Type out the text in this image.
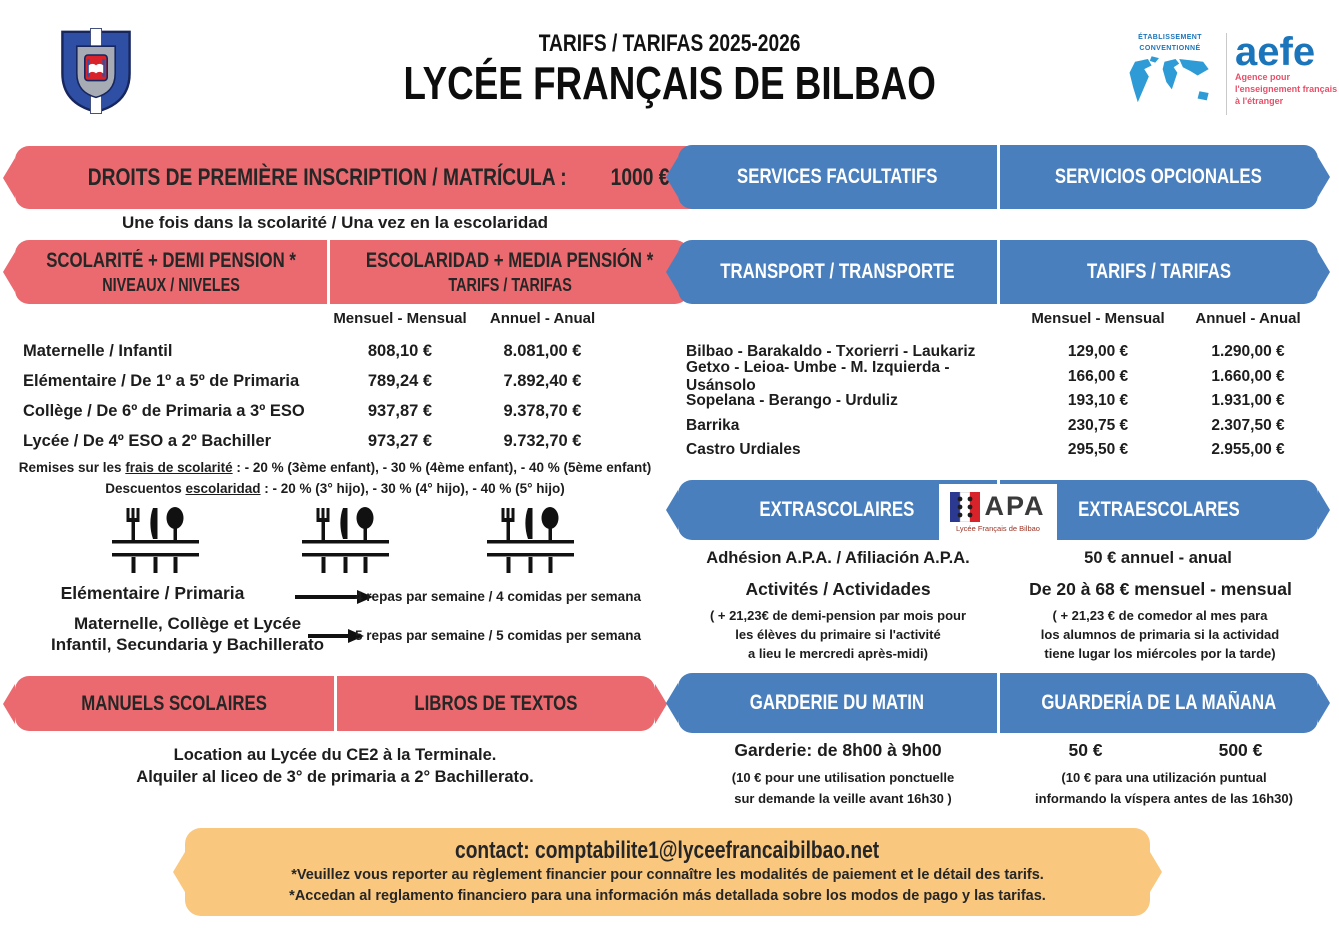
TARIFS / TARIFAS 2025-2026
LYCÉE FRANÇAIS DE BILBAO
ÉTABLISSEMENT CONVENTIONNÉ aefe
Agence pour
l'enseignement français
à l'étranger
DROITS DE PREMIÈRE INSCRIPTION / MATRÍCULA : 1000 €
Une fois dans la scolarité / Una vez en la escolaridad
SCOLARITÉ + DEMI PENSION *
NIVEAUX / NIVELES
ESCOLARIDAD + MEDIA PENSIÓN *
TARIFS / TARIFAS
Mensuel - Mensual	Annuel - Anual
Maternelle / Infantil	808,10 €	8.081,00 €
Elémentaire / De 1º a 5º de Primaria	789,24 €	7.892,40 €
Collège / De 6º de Primaria a 3º ESO	937,87 €	9.378,70 €
Lycée / De 4º ESO a 2º Bachiller	973,27 €	9.732,70 €
Remises sur les frais de scolarité : - 20 % (3ème enfant), - 30 % (4ème enfant), - 40 % (5ème enfant)
Descuentos escolaridad : - 20 % (3° hijo), - 30 % (4° hijo), - 40 % (5° hijo)
Elémentaire / Primaria	4 repas par semaine / 4 comidas per semana
Maternelle, Collège et Lycée
Infantil, Secundaria y Bachillerato	5 repas par semaine / 5 comidas per semana
MANUELS SCOLAIRES	LIBROS DE TEXTOS
Location au Lycée du CE2 à la Terminale.
Alquiler al liceo de 3° de primaria a 2° Bachillerato.
SERVICES FACULTATIFS	SERVICIOS OPCIONALES
TRANSPORT / TRANSPORTE	TARIFS / TARIFAS
Mensuel - Mensual	Annuel - Anual
Bilbao - Barakaldo - Txorierri - Laukariz	129,00 €	1.290,00 €
Getxo - Leioa- Umbe - M. Izquierda - Usánsolo
166,00 €	1.660,00 €
Sopelana - Berango - Urduliz	193,10 €	1.931,00 €
Barrika	230,75 €	2.307,50 €
Castro Urdiales	295,50 €	2.955,00 €
EXTRASCOLAIRES	EXTRAESCOLARES
APA
Lycée Français de Bilbao
Adhésion A.P.A. / Afiliación A.P.A.	50 € annuel - anual
Activités / Actividades
( + 21,23€ de demi-pension par mois pour
les élèves du primaire si l'activité
a lieu le mercredi après-midi)
De 20 à 68 € mensuel - mensual
( + 21,23 € de comedor al mes para
los alumnos de primaria si la actividad
tiene lugar los miércoles por la tarde)
GARDERIE DU MATIN	GUARDERÍA DE LA MAÑANA
Garderie: de 8h00 à 9h00
(10 € pour une utilisation ponctuelle
sur demande la veille avant 16h30 )
50 €	500 €
(10 € para una utilización puntual
informando la víspera antes de las 16h30)
contact: comptabilite1@lyceefrancaibilbao.net
*Veuillez vous reporter au règlement financier pour connaître les modalités de paiement et le détail des tarifs.
*Accedan al reglamento financiero para una información más detallada sobre los modos de pago y las tarifas.
